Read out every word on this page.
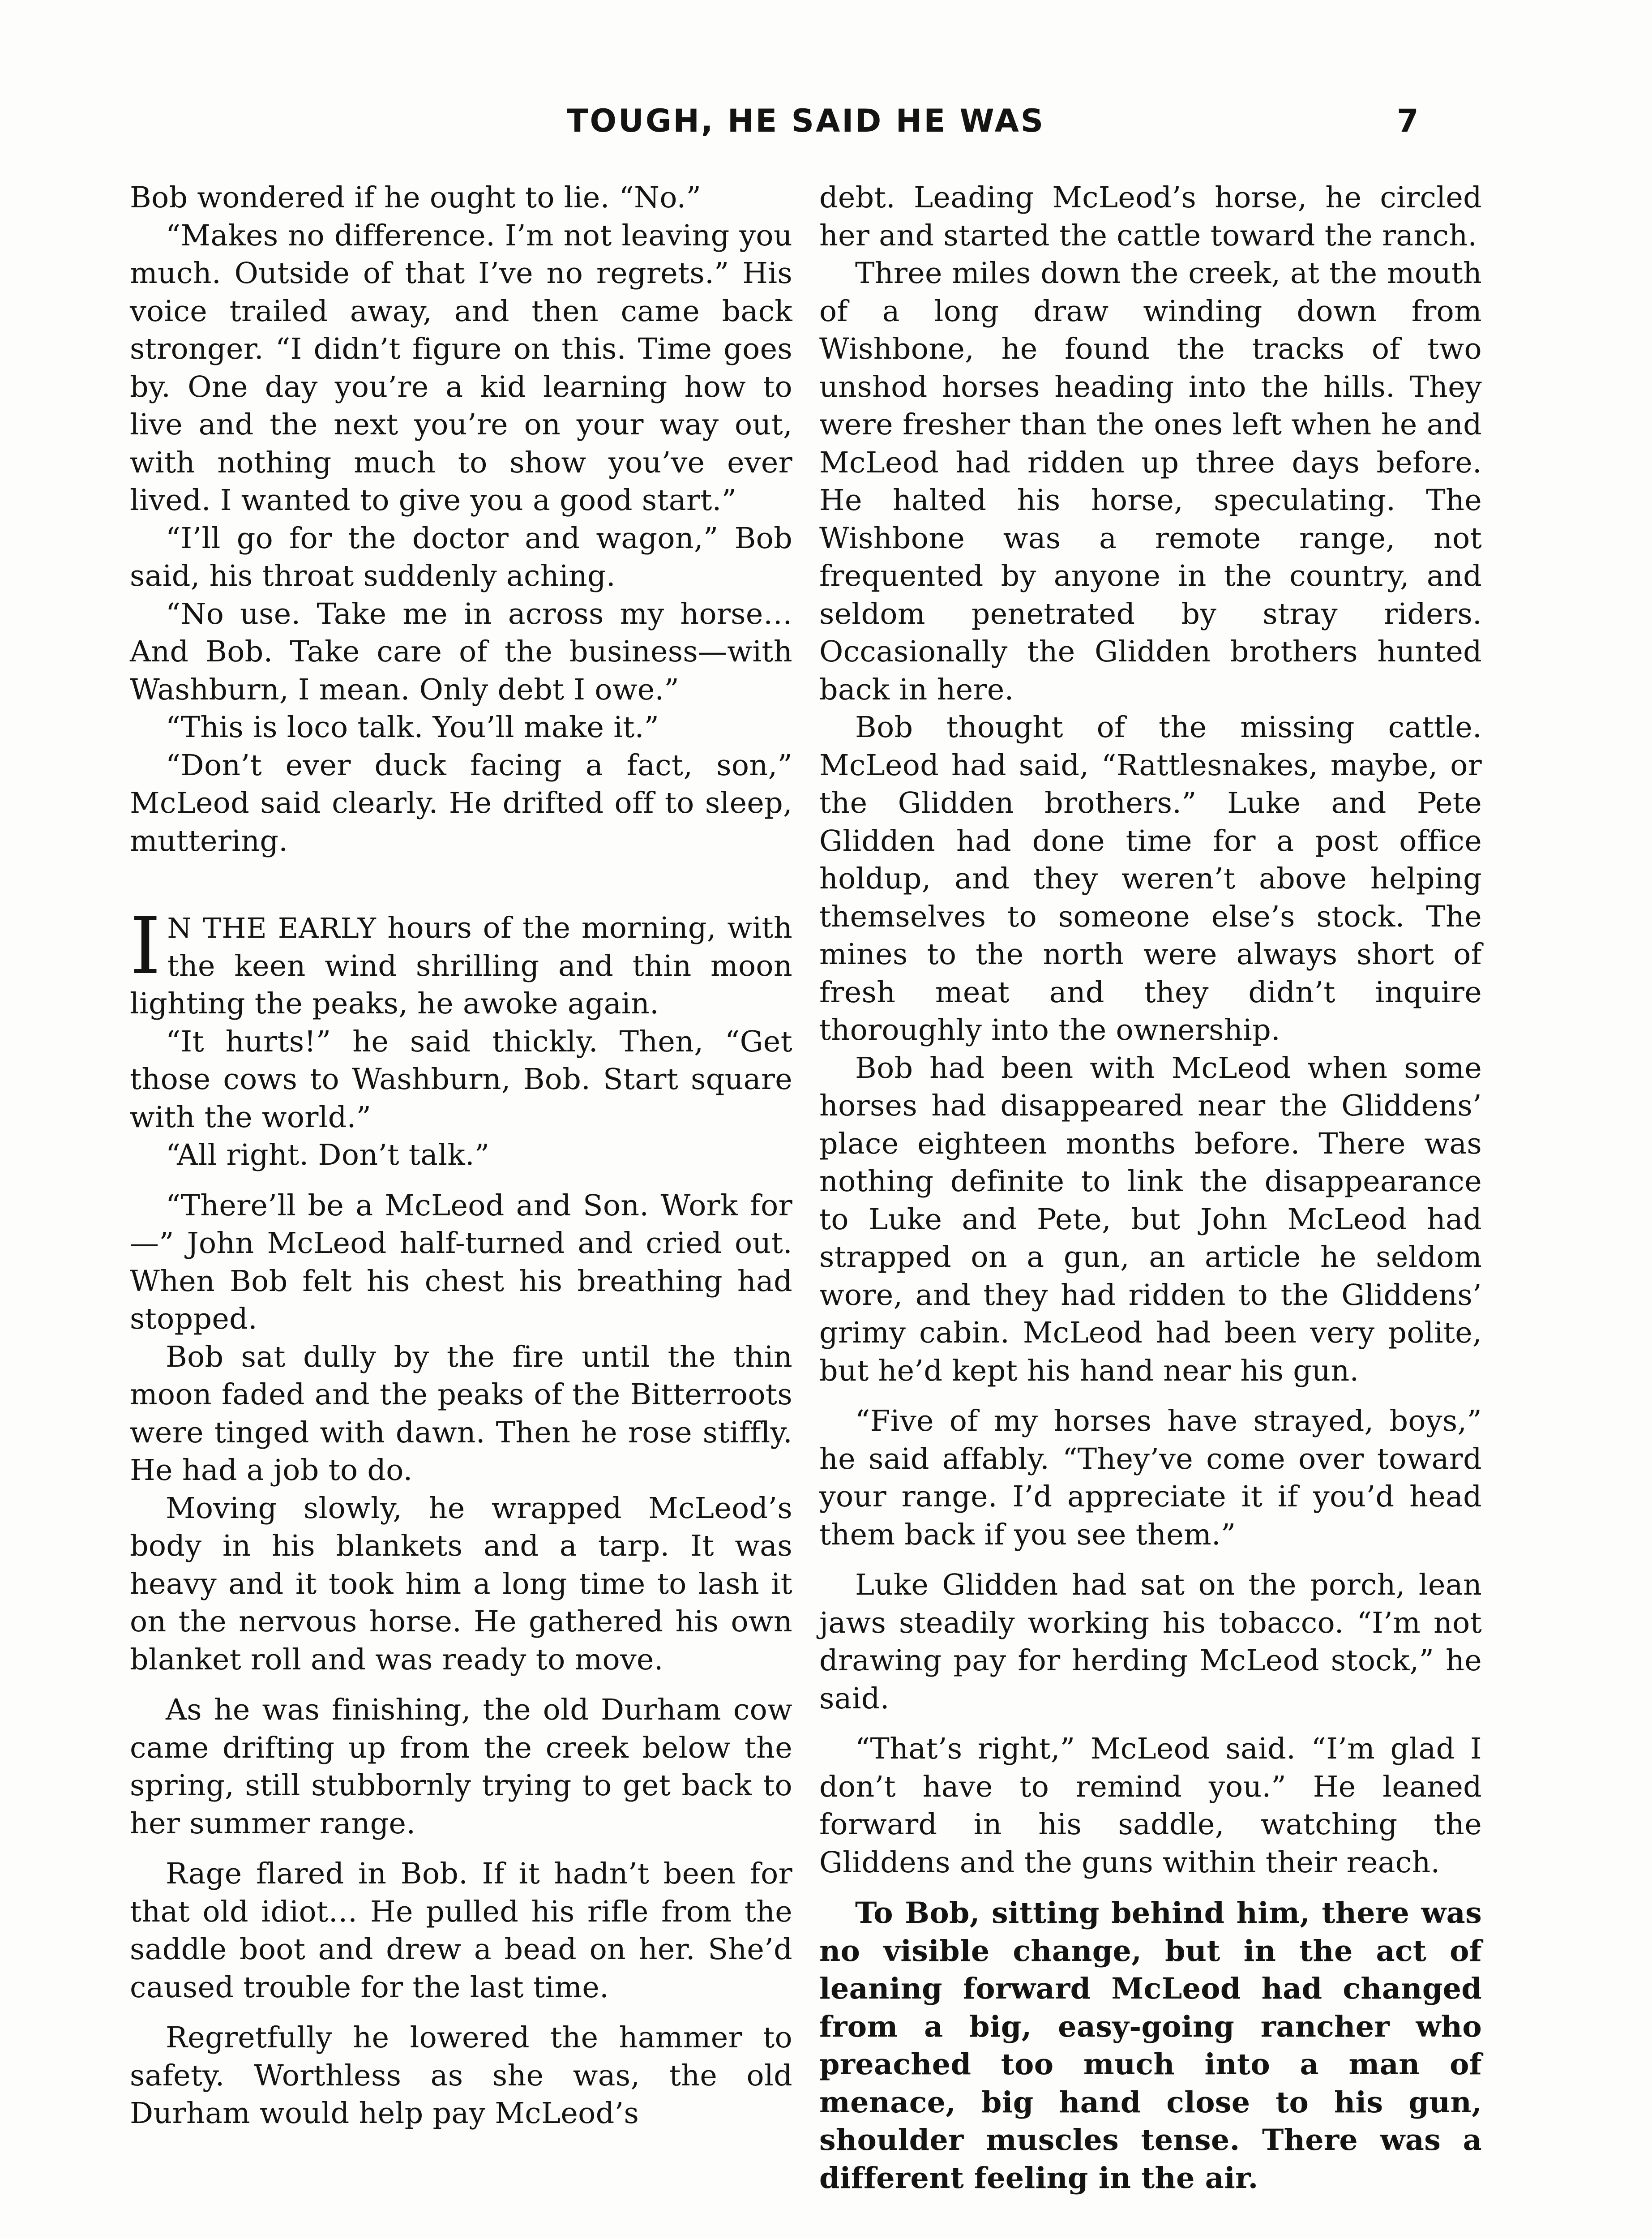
TOUGH, HE SAID HE WAS	7

Bob wondered if he ought to lie. “No.”

“Makes no difference. I’m not leaving you much. Outside of that I’ve no regrets.” His voice trailed away, and then came back stronger. “I didn’t figure on this. Time goes by. One day you’re a kid learning how to live and the next you’re on your way out, with nothing much to show you’ve ever lived. I wanted to give you a good start.”

“I’ll go for the doctor and wagon,” Bob said, his throat suddenly aching.

“No use. Take me in across my horse… And Bob. Take care of the business—with Washburn, I mean. Only debt I owe.”

“This is loco talk. You’ll make it.”

“Don’t ever duck facing a fact, son,” McLeod said clearly. He drifted off to sleep, muttering.

I N THE EARLY hours of the morning, with the keen wind shrilling and thin moon lighting the peaks, he awoke again.

“It hurts!” he said thickly. Then, “Get those cows to Washburn, Bob. Start square with the world.”

“All right. Don’t talk.”

“There’ll be a McLeod and Son. Work for—” John McLeod half-turned and cried out. When Bob felt his chest his breathing had stopped.

Bob sat dully by the fire until the thin moon faded and the peaks of the Bitterroots were tinged with dawn. Then he rose stiffly. He had a job to do.

Moving slowly, he wrapped McLeod’s body in his blankets and a tarp. It was heavy and it took him a long time to lash it on the nervous horse. He gathered his own blanket roll and was ready to move.

As he was finishing, the old Durham cow came drifting up from the creek below the spring, still stubbornly trying to get back to her summer range.

Rage flared in Bob. If it hadn’t been for that old idiot… He pulled his rifle from the saddle boot and drew a bead on her. She’d caused trouble for the last time.

Regretfully he lowered the hammer to safety. Worthless as she was, the old Durham would help pay McLeod’s

debt. Leading McLeod’s horse, he circled her and started the cattle toward the ranch.

Three miles down the creek, at the mouth of a long draw winding down from Wishbone, he found the tracks of two unshod horses heading into the hills. They were fresher than the ones left when he and McLeod had ridden up three days before. He halted his horse, speculating. The Wishbone was a remote range, not frequented by anyone in the country, and seldom penetrated by stray riders. Occasionally the Glidden brothers hunted back in here.

Bob thought of the missing cattle. McLeod had said, “Rattlesnakes, maybe, or the Glidden brothers.” Luke and Pete Glidden had done time for a post office holdup, and they weren’t above helping themselves to someone else’s stock. The mines to the north were always short of fresh meat and they didn’t inquire thoroughly into the ownership.

Bob had been with McLeod when some horses had disappeared near the Gliddens’ place eighteen months before. There was nothing definite to link the disappearance to Luke and Pete, but John McLeod had strapped on a gun, an article he seldom wore, and they had ridden to the Gliddens’ grimy cabin. McLeod had been very polite, but he’d kept his hand near his gun.

“Five of my horses have strayed, boys,” he said affably. “They’ve come over toward your range. I’d appreciate it if you’d head them back if you see them.”

Luke Glidden had sat on the porch, lean jaws steadily working his tobacco. “I’m not drawing pay for herding McLeod stock,” he said.

“That’s right,” McLeod said. “I’m glad I don’t have to remind you.” He leaned forward in his saddle, watching the Gliddens and the guns within their reach.

To Bob, sitting behind him, there was no visible change, but in the act of leaning forward McLeod had changed from a big, easy-going rancher who preached too much into a man of menace, big hand close to his gun, shoulder muscles tense. There was a different feeling in the air.
